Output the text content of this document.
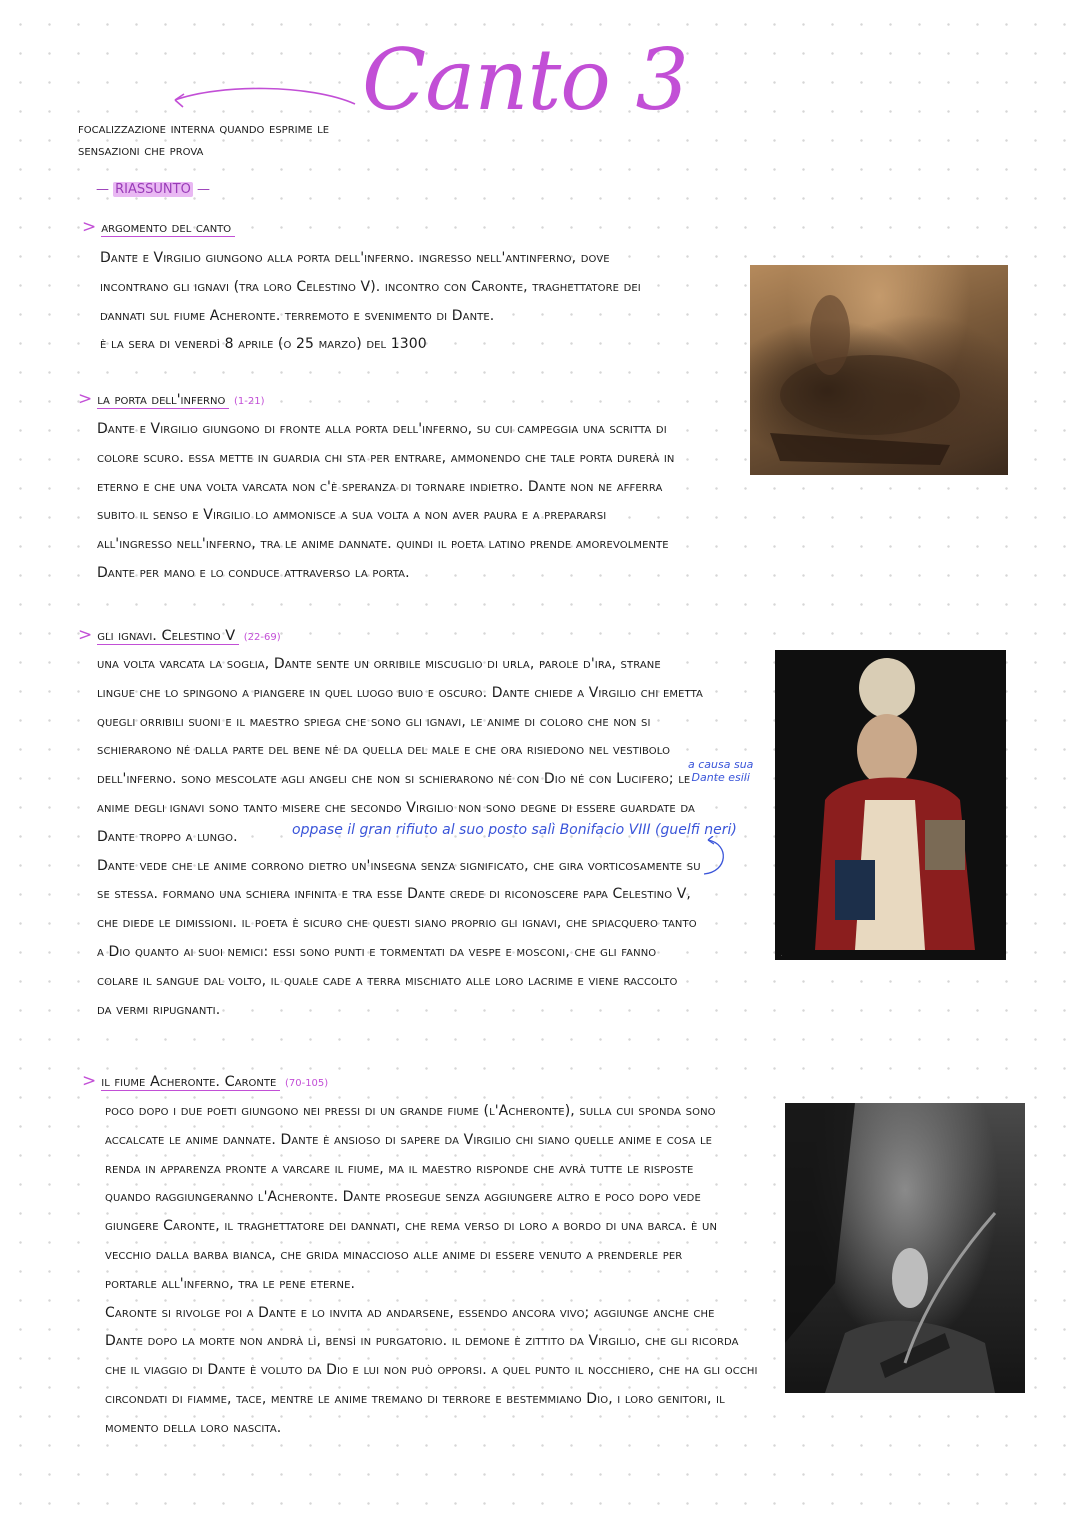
Canto 3
focalizzazione interna quando esprime le sensazioni che prova
— RIASSUNTO —
> argomento del canto

Dante e Virgilio giungono alla porta dell'inferno. ingresso nell'antinferno, dove

incontrano gli ignavi (tra loro Celestino V). incontro con Caronte, traghettatore dei

dannati sul fiume Acheronte. terremoto e svenimento di Dante.

è la sera di venerdì 8 aprile (o 25 marzo) del 1300

> la porta dell'inferno (1-21)

Dante e Virgilio giungono di fronte alla porta dell'inferno, su cui campeggia una scritta di

colore scuro. essa mette in guardia chi sta per entrare, ammonendo che tale porta durerà in

eterno e che una volta varcata non c'è speranza di tornare indietro. Dante non ne afferra

subito il senso e Virgilio lo ammonisce a sua volta a non aver paura e a prepararsi

all'ingresso nell'inferno, tra le anime dannate. quindi il poeta latino prende amorevolmente

Dante per mano e lo conduce attraverso la porta.

> gli ignavi. Celestino V (22-69)

una volta varcata la soglia, Dante sente un orribile miscuglio di urla, parole d'ira, strane

lingue che lo spingono a piangere in quel luogo buio e oscuro. Dante chiede a Virgilio chi emetta

quegli orribili suoni e il maestro spiega che sono gli ignavi, le anime di coloro che non si

schierarono né dalla parte del bene né da quella del male e che ora risiedono nel vestibolo

dell'inferno. sono mescolate agli angeli che non si schierarono né con Dio né con Lucifero; le

anime degli ignavi sono tanto misere che secondo Virgilio non sono degne di essere guardate da

Dante troppo a lungo.

Dante vede che le anime corrono dietro un'insegna senza significato, che gira vorticosamente su

se stessa. formano una schiera infinita e tra esse Dante crede di riconoscere papa Celestino V,

che diede le dimissioni. il poeta è sicuro che questi siano proprio gli ignavi, che spiacquero tanto

a Dio quanto ai suoi nemici: essi sono punti e tormentati da vespe e mosconi, che gli fanno

colare il sangue dal volto, il quale cade a terra mischiato alle loro lacrime e viene raccolto

da vermi ripugnanti.

oppase il gran rifiuto al suo posto salì Bonifacio VIII (guelfi neri)
a causa sua
Dante esili
.
> il fiume Acheronte. Caronte (70-105)

poco dopo i due poeti giungono nei pressi di un grande fiume (l'Acheronte), sulla cui sponda sono

accalcate le anime dannate. Dante è ansioso di sapere da Virgilio chi siano quelle anime e cosa le

renda in apparenza pronte a varcare il fiume, ma il maestro risponde che avrà tutte le risposte

quando raggiungeranno l'Acheronte. Dante prosegue senza aggiungere altro e poco dopo vede

giungere Caronte, il traghettatore dei dannati, che rema verso di loro a bordo di una barca. è un

vecchio dalla barba bianca, che grida minaccioso alle anime di essere venuto a prenderle per

portarle all'inferno, tra le pene eterne.

Caronte si rivolge poi a Dante e lo invita ad andarsene, essendo ancora vivo; aggiunge anche che

Dante dopo la morte non andrà lì, bensì in purgatorio. il demone è zittito da Virgilio, che gli ricorda

che il viaggio di Dante è voluto da Dio e lui non può opporsi. a quel punto il nocchiero, che ha gli occhi

circondati di fiamme, tace, mentre le anime tremano di terrore e bestemmiano Dio, i loro genitori, il

momento della loro nascita.
